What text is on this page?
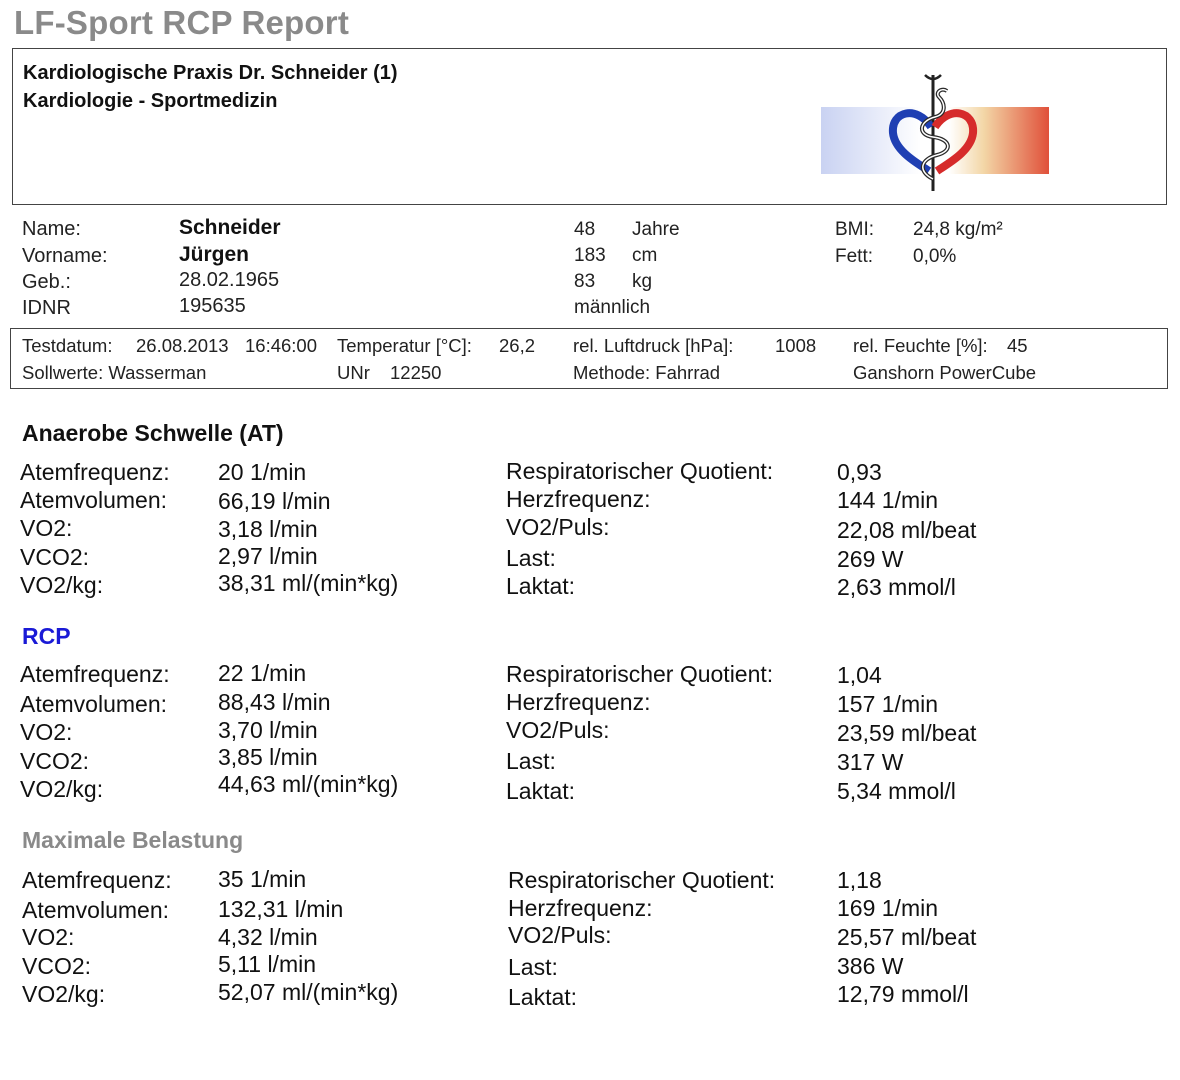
LF-Sport RCP Report
Kardiologische Praxis Dr. Schneider (1)
Kardiologie - Sportmedizin
Name:	Schneider
Vorname:	Jürgen
Geb.:	28.02.1965
IDNR	195635
48 Jahre
183 cm
83 kg
männlich
BMI: 24,8 kg/m²
Fett: 0,0%
Testdatum: 26.08.2013 16:46:00 Temperatur [°C]: 26,2 rel. Luftdruck [hPa]: 1008 rel. Feuchte [%]: 45
Sollwerte: Wasserman	UNr 12250	Methode: Fahrrad	Ganshorn PowerCube
Anaerobe Schwelle (AT)
Atemfrequenz: 20 1/min
Atemvolumen: 66,19 l/min
VO2:	3,18 l/min
VCO2:	2,97 l/min
VO2/kg:	38,31 ml/(min*kg)
Respiratorischer Quotient:	0,93
Herzfrequenz:	144 1/min
VO2/Puls:	22,08 ml/beat
Last:	269 W
Laktat:	2,63 mmol/l
RCP
Atemfrequenz: 22 1/min
Atemvolumen: 88,43 l/min
VO2:	3,70 l/min
VCO2:	3,85 l/min
VO2/kg:	44,63 ml/(min*kg)
Respiratorischer Quotient:	1,04
Herzfrequenz:	157 1/min
VO2/Puls:	23,59 ml/beat
Last:	317 W
Laktat:	5,34 mmol/l
Maximale Belastung
Atemfrequenz: 35 1/min
Atemvolumen: 132,31 l/min
VO2:	4,32 l/min
VCO2:	5,11 l/min
VO2/kg:	52,07 ml/(min*kg)
Respiratorischer Quotient:	1,18
Herzfrequenz:	169 1/min
VO2/Puls:	25,57 ml/beat
Last:	386 W
Laktat:	12,79 mmol/l
